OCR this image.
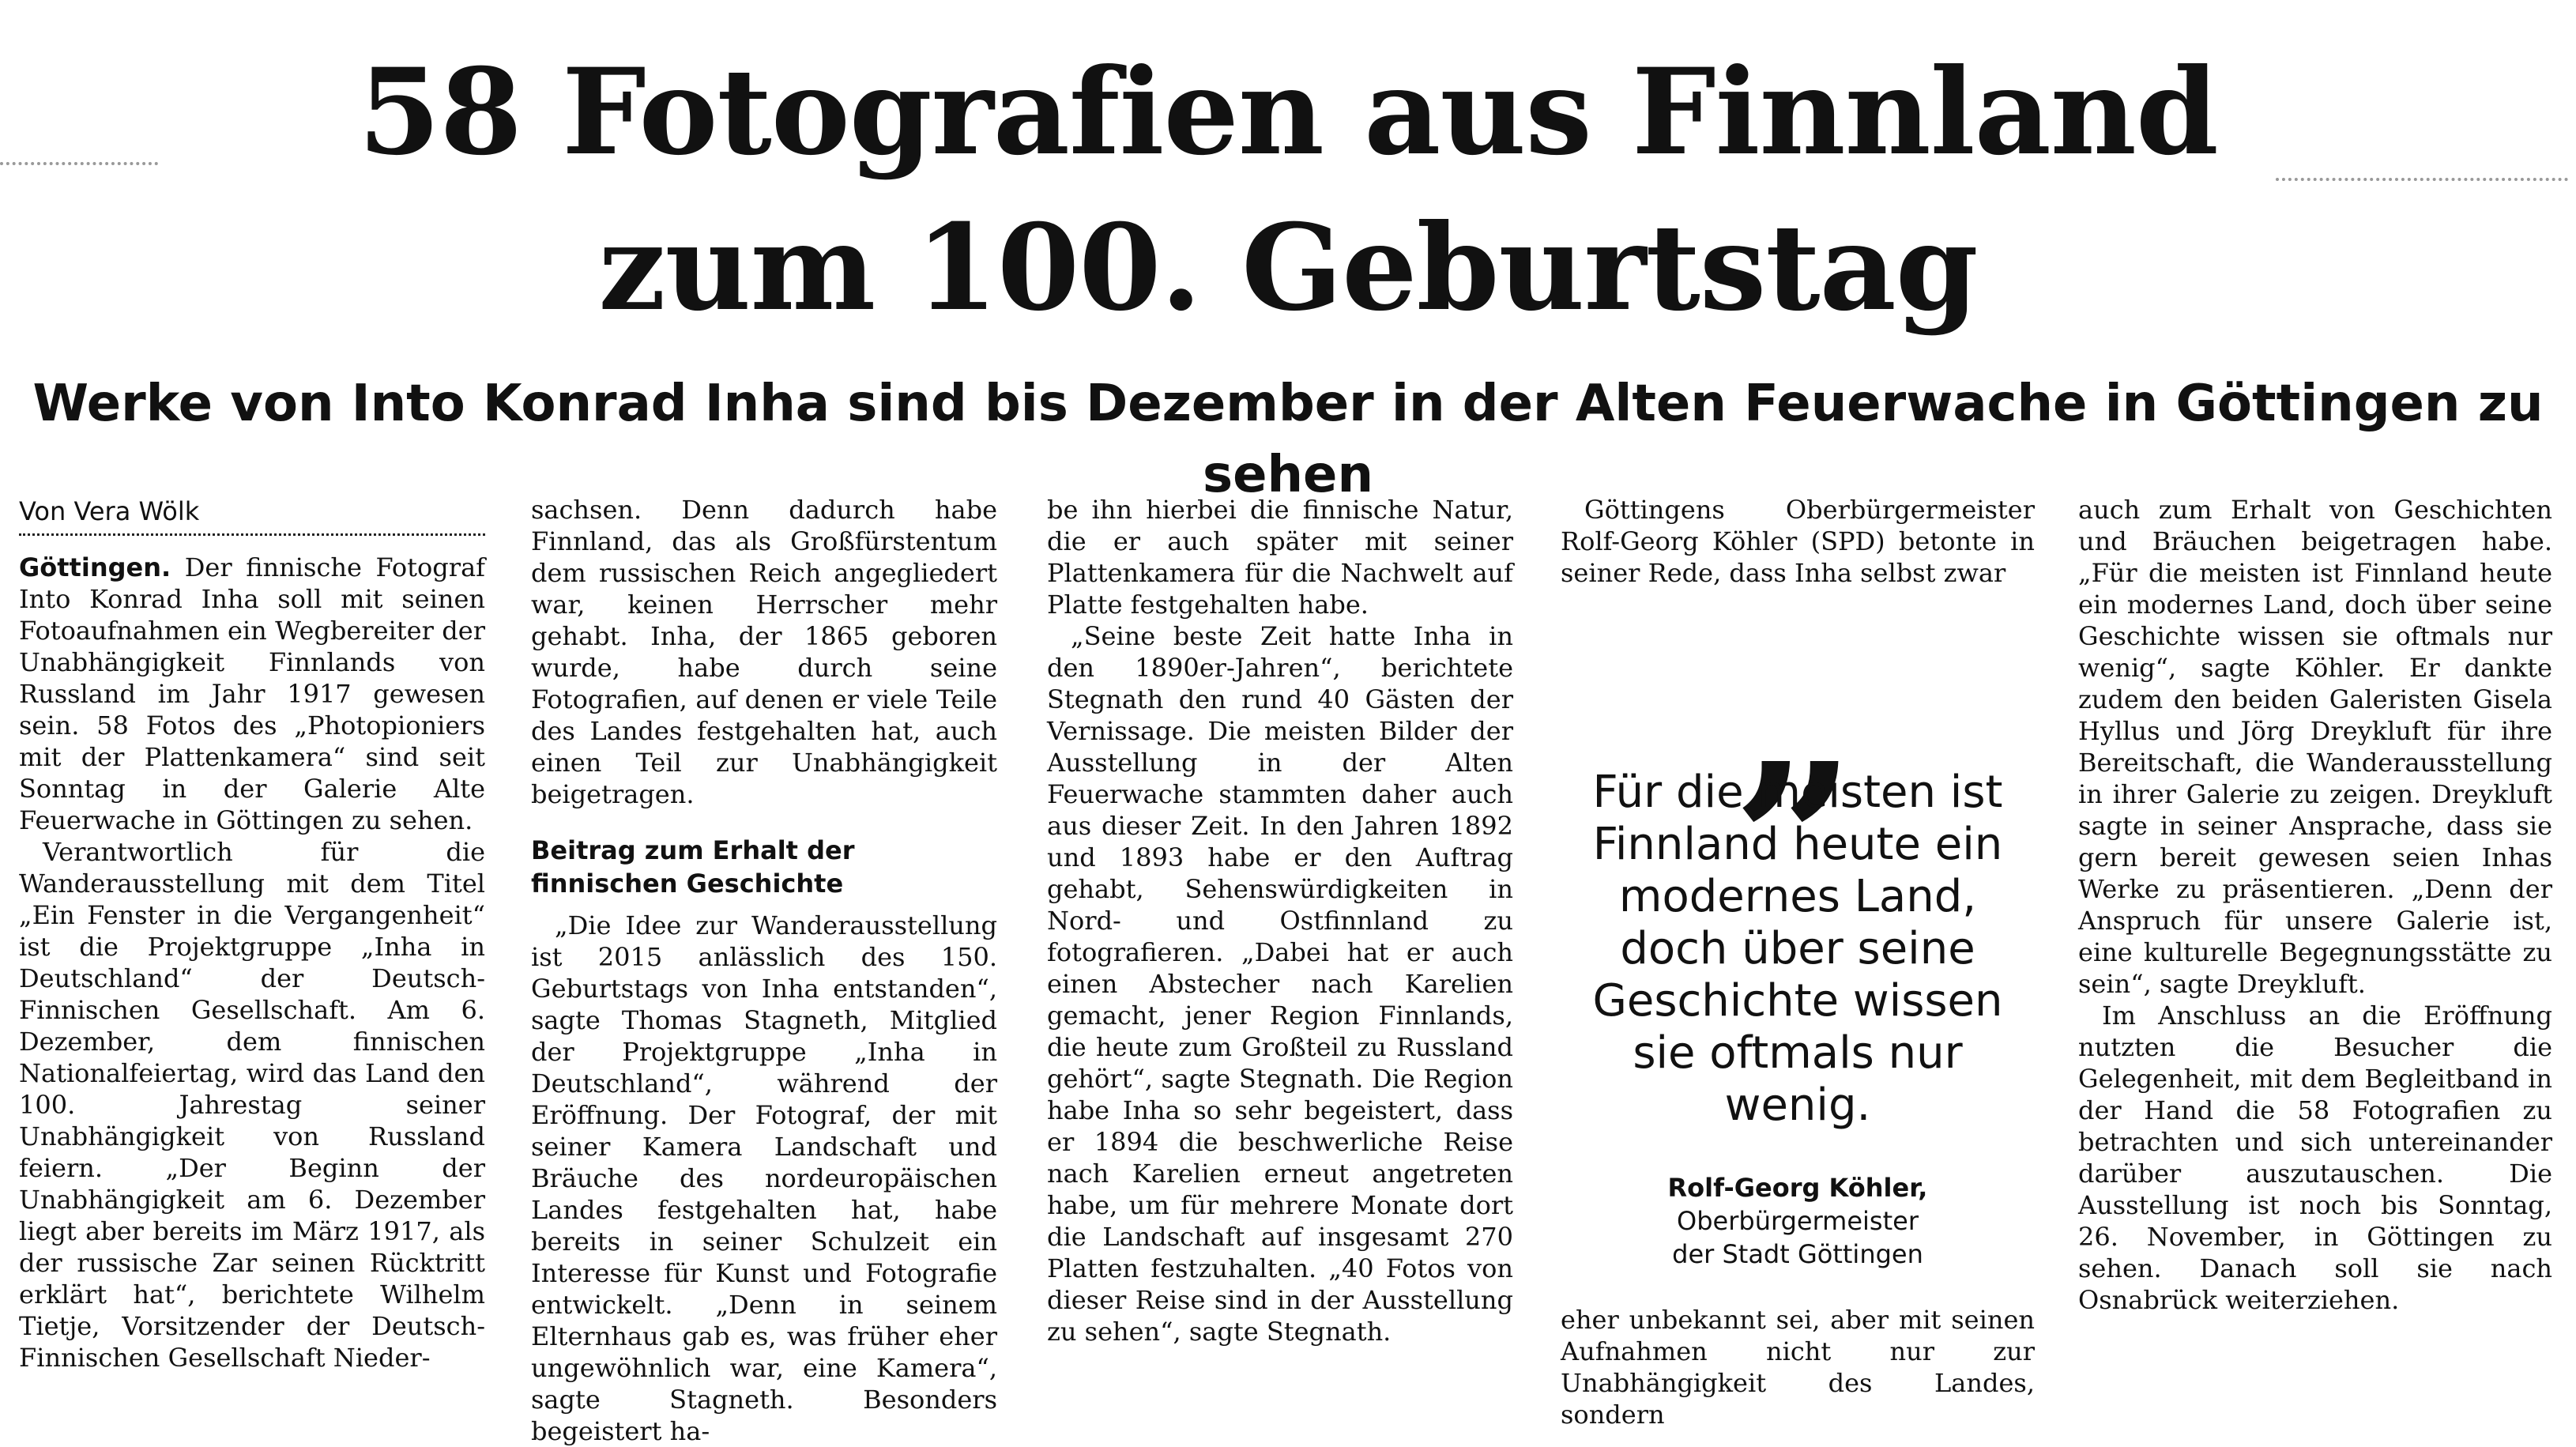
58 Fotografien aus Finnland
zum 100. Geburtstag
Werke von Into Konrad Inha sind bis Dezember in der Alten Feuerwache in Göttingen zu sehen
Von Vera Wölk

Göttingen. Der finnische Fotograf Into Konrad Inha soll mit seinen Fotoaufnahmen ein Wegbereiter der Unabhängigkeit Finnlands von Russland im Jahr 1917 gewesen sein. 58 Fotos des „Photopioniers mit der Plattenkamera“ sind seit Sonntag in der Galerie Alte Feuerwache in Göttingen zu sehen.

Verantwortlich für die Wanderausstellung mit dem Titel „Ein Fenster in die Vergangenheit“ ist die Projektgruppe „Inha in Deutschland“ der Deutsch-Finnischen Gesellschaft. Am 6. Dezember, dem finnischen Nationalfeiertag, wird das Land den 100. Jahrestag seiner Unabhängigkeit von Russland feiern. „Der Beginn der Unabhängigkeit am 6. Dezember liegt aber bereits im März 1917, als der russische Zar seinen Rücktritt erklärt hat“, berichtete Wilhelm Tietje, Vorsitzender der Deutsch-Finnischen Gesellschaft Nieder-

sachsen. Denn dadurch habe Finnland, das als Großfürstentum dem russischen Reich angegliedert war, keinen Herrscher mehr gehabt. Inha, der 1865 geboren wurde, habe durch seine Fotografien, auf denen er viele Teile des Landes festgehalten hat, auch einen Teil zur Unabhängigkeit beigetragen.

Beitrag zum Erhalt der finnischen Geschichte

„Die Idee zur Wanderausstellung ist 2015 anlässlich des 150. Geburtstags von Inha entstanden“, sagte Thomas Stagneth, Mitglied der Projektgruppe „Inha in Deutschland“, während der Eröffnung. Der Fotograf, der mit seiner Kamera Landschaft und Bräuche des nordeuropäischen Landes festgehalten hat, habe bereits in seiner Schulzeit ein Interesse für Kunst und Fotografie entwickelt. „Denn in seinem Elternhaus gab es, was früher eher ungewöhnlich war, eine Kamera“, sagte Stagneth. Besonders begeistert ha-

be ihn hierbei die finnische Natur, die er auch später mit seiner Plattenkamera für die Nachwelt auf Platte festgehalten habe.

„Seine beste Zeit hatte Inha in den 1890er-Jahren“, berichtete Stegnath den rund 40 Gästen der Vernissage. Die meisten Bilder der Ausstellung in der Alten Feuerwache stammten daher auch aus dieser Zeit. In den Jahren 1892 und 1893 habe er den Auftrag gehabt, Sehenswürdigkeiten in Nord- und Ostfinnland zu fotografieren. „Dabei hat er auch einen Abstecher nach Karelien gemacht, jener Region Finnlands, die heute zum Großteil zu Russland gehört“, sagte Stegnath. Die Region habe Inha so sehr begeistert, dass er 1894 die beschwerliche Reise nach Karelien erneut angetreten habe, um für mehrere Monate dort die Landschaft auf insgesamt 270 Platten festzuhalten. „40 Fotos von dieser Reise sind in der Ausstellung zu sehen“, sagte Stegnath.

Göttingens Oberbürgermeister Rolf-Georg Köhler (SPD) betonte in seiner Rede, dass Inha selbst zwar

„
Für die meisten ist Finnland heute ein modernes Land, doch über seine Geschichte wissen sie oftmals nur wenig.
Rolf-Georg Köhler,
Oberbürgermeister der Stadt Göttingen

eher unbekannt sei, aber mit seinen Aufnahmen nicht nur zur Unabhängigkeit des Landes, sondern

auch zum Erhalt von Geschichten und Bräuchen beigetragen habe. „Für die meisten ist Finnland heute ein modernes Land, doch über seine Geschichte wissen sie oftmals nur wenig“, sagte Köhler. Er dankte zudem den beiden Galeristen Gisela Hyllus und Jörg Dreykluft für ihre Bereitschaft, die Wanderausstellung in ihrer Galerie zu zeigen. Dreykluft sagte in seiner Ansprache, dass sie gern bereit gewesen seien Inhas Werke zu präsentieren. „Denn der Anspruch für unsere Galerie ist, eine kulturelle Begegnungsstätte zu sein“, sagte Dreykluft.

Im Anschluss an die Eröffnung nutzten die Besucher die Gelegenheit, mit dem Begleitband in der Hand die 58 Fotografien zu betrachten und sich untereinander darüber auszutauschen. Die Ausstellung ist noch bis Sonntag, 26. November, in Göttingen zu sehen. Danach soll sie nach Osnabrück weiterziehen.
